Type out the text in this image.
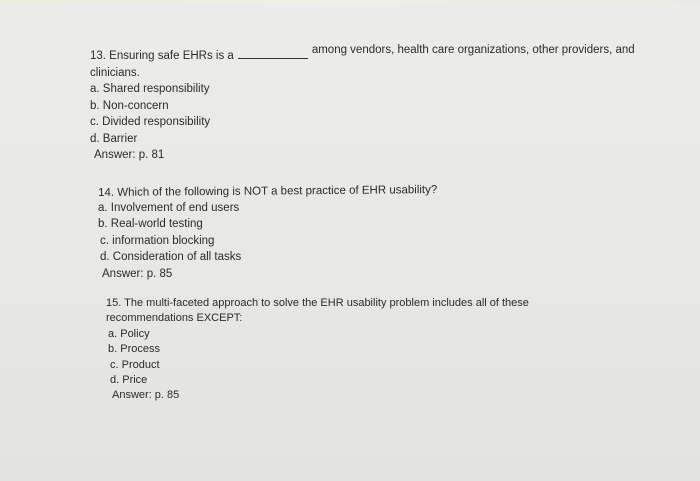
13. Ensuring safe EHRs is a	among vendors, health care organizations, other providers, and

clinicians.

a. Shared responsibility

b. Non-concern

c. Divided responsibility

d. Barrier

Answer: p. 81

14. Which of the following is NOT a best practice of EHR usability?

a. Involvement of end users

b. Real-world testing

c. information blocking

d. Consideration of all tasks

Answer: p. 85

15. The multi-faceted approach to solve the EHR usability problem includes all of these

recommendations EXCEPT:

a. Policy

b. Process

c. Product

d. Price

Answer: p. 85
